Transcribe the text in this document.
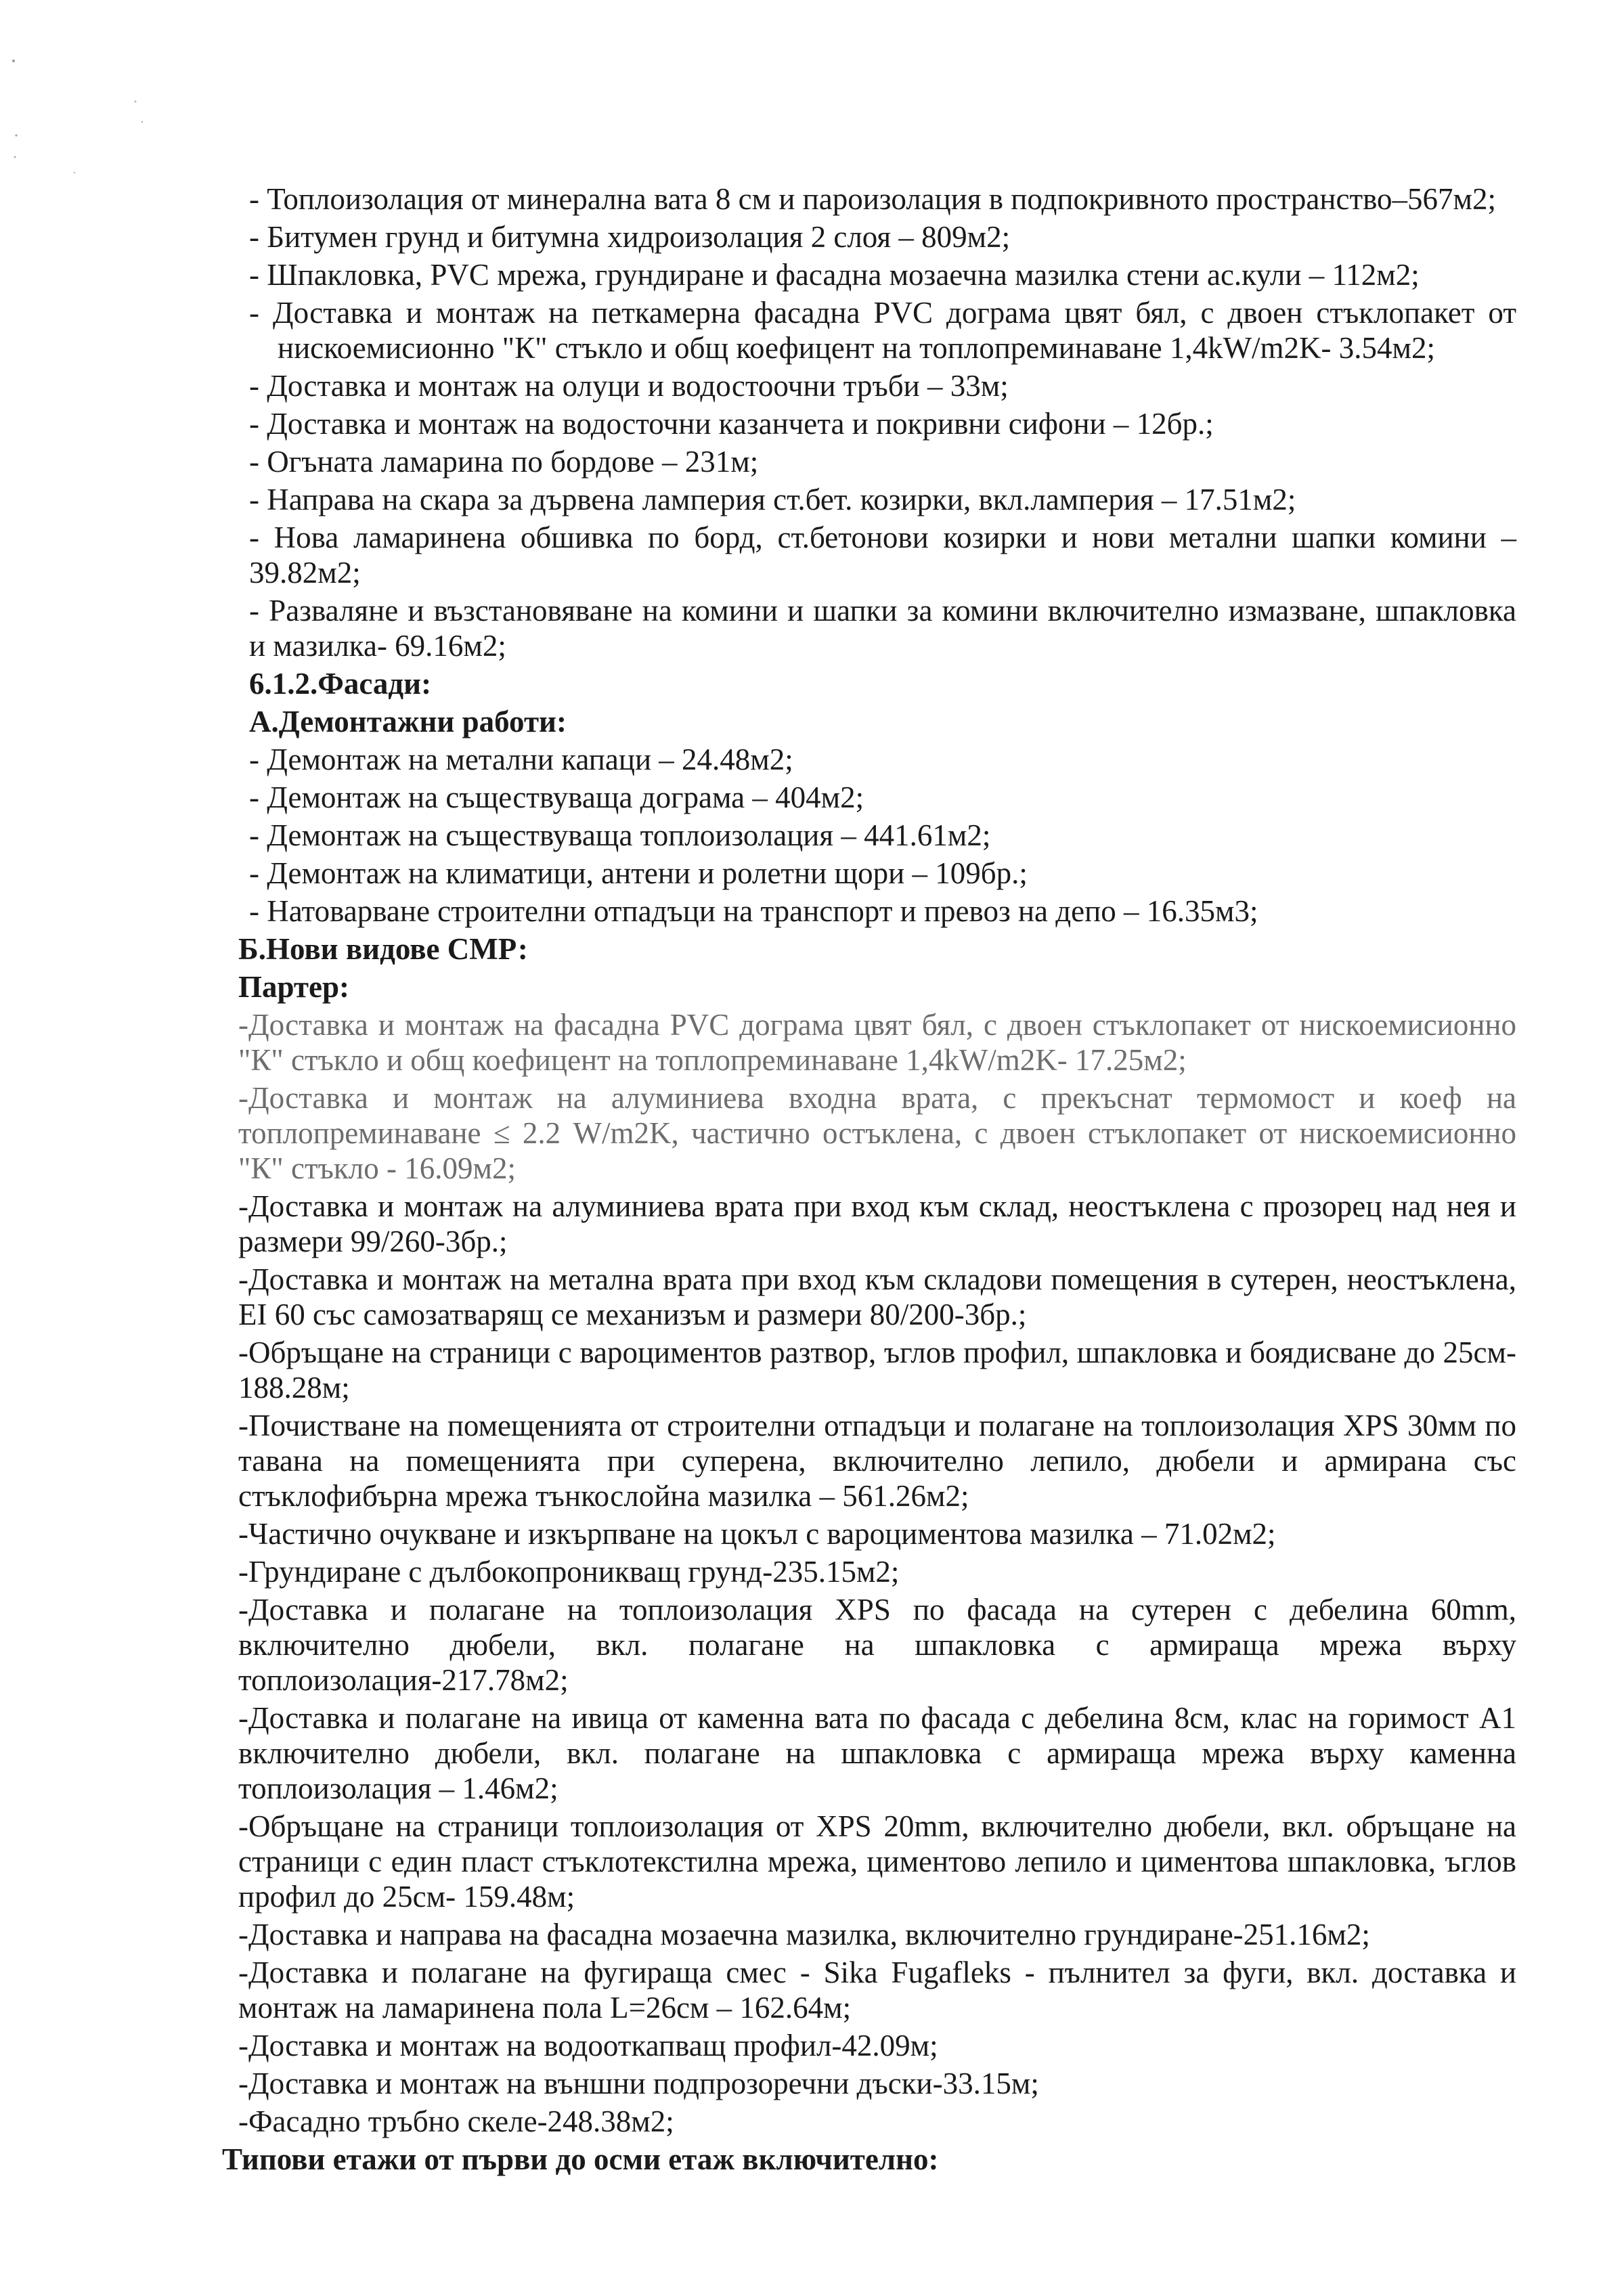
- Топлоизолация от минерална вата 8 см и пароизолация в подпокривното пространство–567м2;

- Битумен грунд и битумна хидроизолация 2 слоя – 809м2;

- Шпакловка, PVC мрежа, грундиране и фасадна мозаечна мазилка стени ас.кули – 112м2;

- Доставка и монтаж на петкамерна фасадна PVC дограма цвят бял, с двоен стъклопакет от нискоемисионно "К" стъкло и общ коефицент на топлопреминаване 1,4kW/m2K- 3.54м2;

- Доставка и монтаж на олуци и водостоочни тръби – 33м;

- Доставка и монтаж на водосточни казанчета и покривни сифони – 12бр.;

- Огъната ламарина по бордове – 231м;

- Направа на скара за дървена ламперия ст.бет. козирки, вкл.ламперия – 17.51м2;

- Нова ламаринена обшивка по борд, ст.бетонови козирки и нови метални шапки комини – 39.82м2;

- Разваляне и възстановяване на комини и шапки за комини включително измазване, шпакловка и мазилка- 69.16м2;

6.1.2.Фасади:

А.Демонтажни работи:

- Демонтаж на метални капаци – 24.48м2;

- Демонтаж на съществуваща дограма – 404м2;

- Демонтаж на съществуваща топлоизолация – 441.61м2;

- Демонтаж на климатици, антени и ролетни щори – 109бр.;

- Натоварване строителни отпадъци на транспорт и превоз на депо – 16.35м3;

Б.Нови видове СМР:

Партер:

-Доставка и монтаж на фасадна PVC дограма цвят бял, с двоен стъклопакет от нискоемисионно "К" стъкло и общ коефицент на топлопреминаване 1,4kW/m2K- 17.25м2;

-Доставка и монтаж на алуминиева входна врата, с прекъснат термомост и коеф на топлопреминаване ≤ 2.2 W/m2K, частично остъклена, с двоен стъклопакет от нискоемисионно "К" стъкло - 16.09м2;

-Доставка и монтаж на алуминиева врата при вход към склад, неостъклена с прозорец над нея и размери 99/260-3бр.;

-Доставка и монтаж на метална врата при вход към складови помещения в сутерен, неостъклена, EI 60 със самозатварящ се механизъм и размери 80/200-3бр.;

-Обръщане на страници с вароциментов разтвор, ъглов профил, шпакловка и боядисване до 25см- 188.28м;

-Почистване на помещенията от строителни отпадъци и полагане на топлоизолация XPS 30мм по тавана на помещенията при суперена, включително лепило, дюбели и армирана със стъклофибърна мрежа тънкослойна мазилка – 561.26м2;

-Частично очукване и изкърпване на цокъл с вароциментова мазилка – 71.02м2;

-Грундиране с дълбокопроникващ грунд-235.15м2;

-Доставка и полагане на топлоизолация XPS по фасада на сутерен с дебелина 60mm, включително дюбели, вкл. полагане на шпакловка с армираща мрежа върху топлоизолация-217.78м2;

-Доставка и полагане на ивица от каменна вата по фасада с дебелина 8см, клас на горимост А1 включително дюбели, вкл. полагане на шпакловка с армираща мрежа върху каменна топлоизолация – 1.46м2;

-Обръщане на страници топлоизолация от XPS 20mm, включително дюбели, вкл. обръщане на страници с един пласт стъклотекстилна мрежа, циментово лепило и циментова шпакловка, ъглов профил до 25см- 159.48м;

-Доставка и направа на фасадна мозаечна мазилка, включително грундиране-251.16м2;

-Доставка и полагане на фугираща смес - Sika Fugafleks - пълнител за фуги, вкл. доставка и монтаж на ламаринена пола L=26см – 162.64м;

-Доставка и монтаж на водооткапващ профил-42.09м;

-Доставка и монтаж на външни подпрозоречни дъски-33.15м;

-Фасадно тръбно скеле-248.38м2;

Типови етажи от първи до осми етаж включително:
